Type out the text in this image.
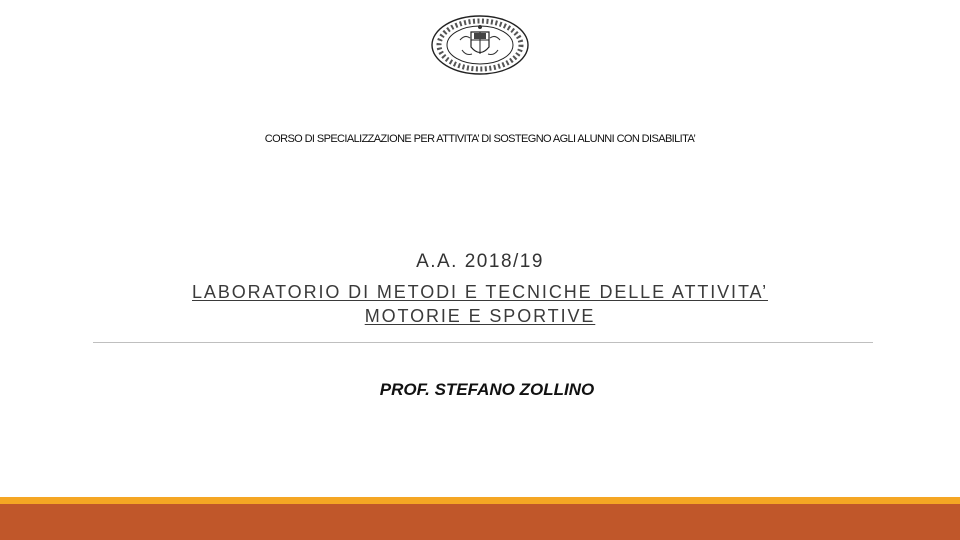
CORSO DI SPECIALIZZAZIONE PER ATTIVITA’ DI SOSTEGNO AGLI ALUNNI CON DISABILITA’
A.A. 2018/19
LABORATORIO DI METODI E TECNICHE DELLE ATTIVITA’
MOTORIE E SPORTIVE
PROF. STEFANO ZOLLINO
